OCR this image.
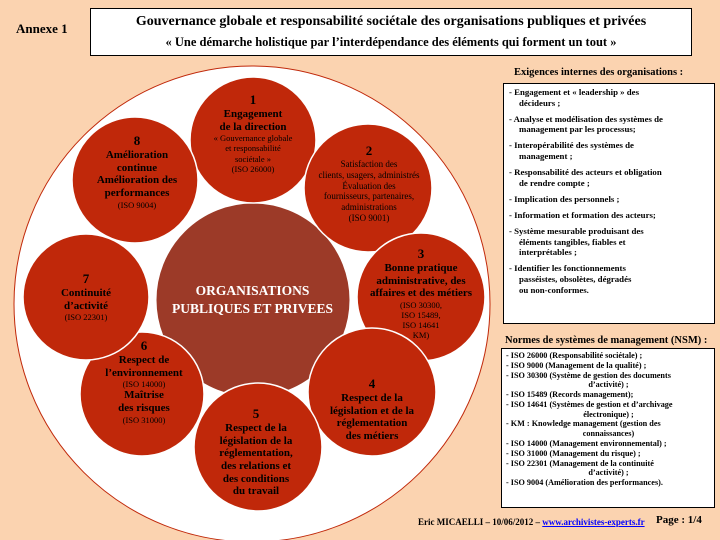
Annexe 1	Gouvernance globale et responsabilité sociétale des organisations publiques et privées
« Une démarche holistique par l’interdépendance des éléments qui forment un tout »
ORGANISATIONS
PUBLIQUES ET PRIVEES
1
Engagement
de la direction
« Gouvernance globale
et responsabilité
sociétale »
(ISO 26000)
2
Satisfaction des
clients, usagers, administrés
Évaluation des
fournisseurs, partenaires,
administrations
(ISO 9001)
3
Bonne pratique
administrative, des
affaires et des métiers
(ISO 30300,
ISO 15489,
ISO 14641
KM)
4
Respect de la
législation et de la
réglementation
des métiers
5
Respect de la
législation de la
réglementation,
des relations et
des conditions
du travail
6
Respect de
l’environnement
(ISO 14000)
Maîtrise
des risques
(ISO 31000)
7
Continuité
d’activité
(ISO 22301)
8
Amélioration
continue
Amélioration des
performances
(ISO 9004)
Exigences internes des organisations :
- Engagement et « leadership » des
décideurs ;
- Analyse et modélisation des systèmes de
management par les processus;
- Interopérabilité des systèmes de
management ;
- Responsabilité des acteurs et obligation
de rendre compte ;
- Implication des personnels ;
- Information et formation des acteurs;
- Système mesurable produisant des
éléments tangibles, fiables et
interprétables ;
- Identifier les fonctionnements
passéistes, obsolètes, dégradés
ou non-conformes.
Normes de systèmes de management (NSM) :
- ISO 26000 (Responsabilité sociétale) ;
- ISO 9000 (Management de la qualité) ;
- ISO 30300 (Système de gestion des documents
d’activité) ;
- ISO 15489 (Records management);
- ISO 14641 (Systèmes de gestion et d’archivage
électronique) ;
- KM : Knowledge management (gestion des
connaissances)
- ISO 14000 (Management environnemental) ;
- ISO 31000 (Management du risque) ;
- ISO 22301 (Management de la continuité
d’activité) ;
- ISO 9004 (Amélioration des performances).
Eric MICAELLI – 10/06/2012 – www.archivistes-experts.fr Page : 1/4
